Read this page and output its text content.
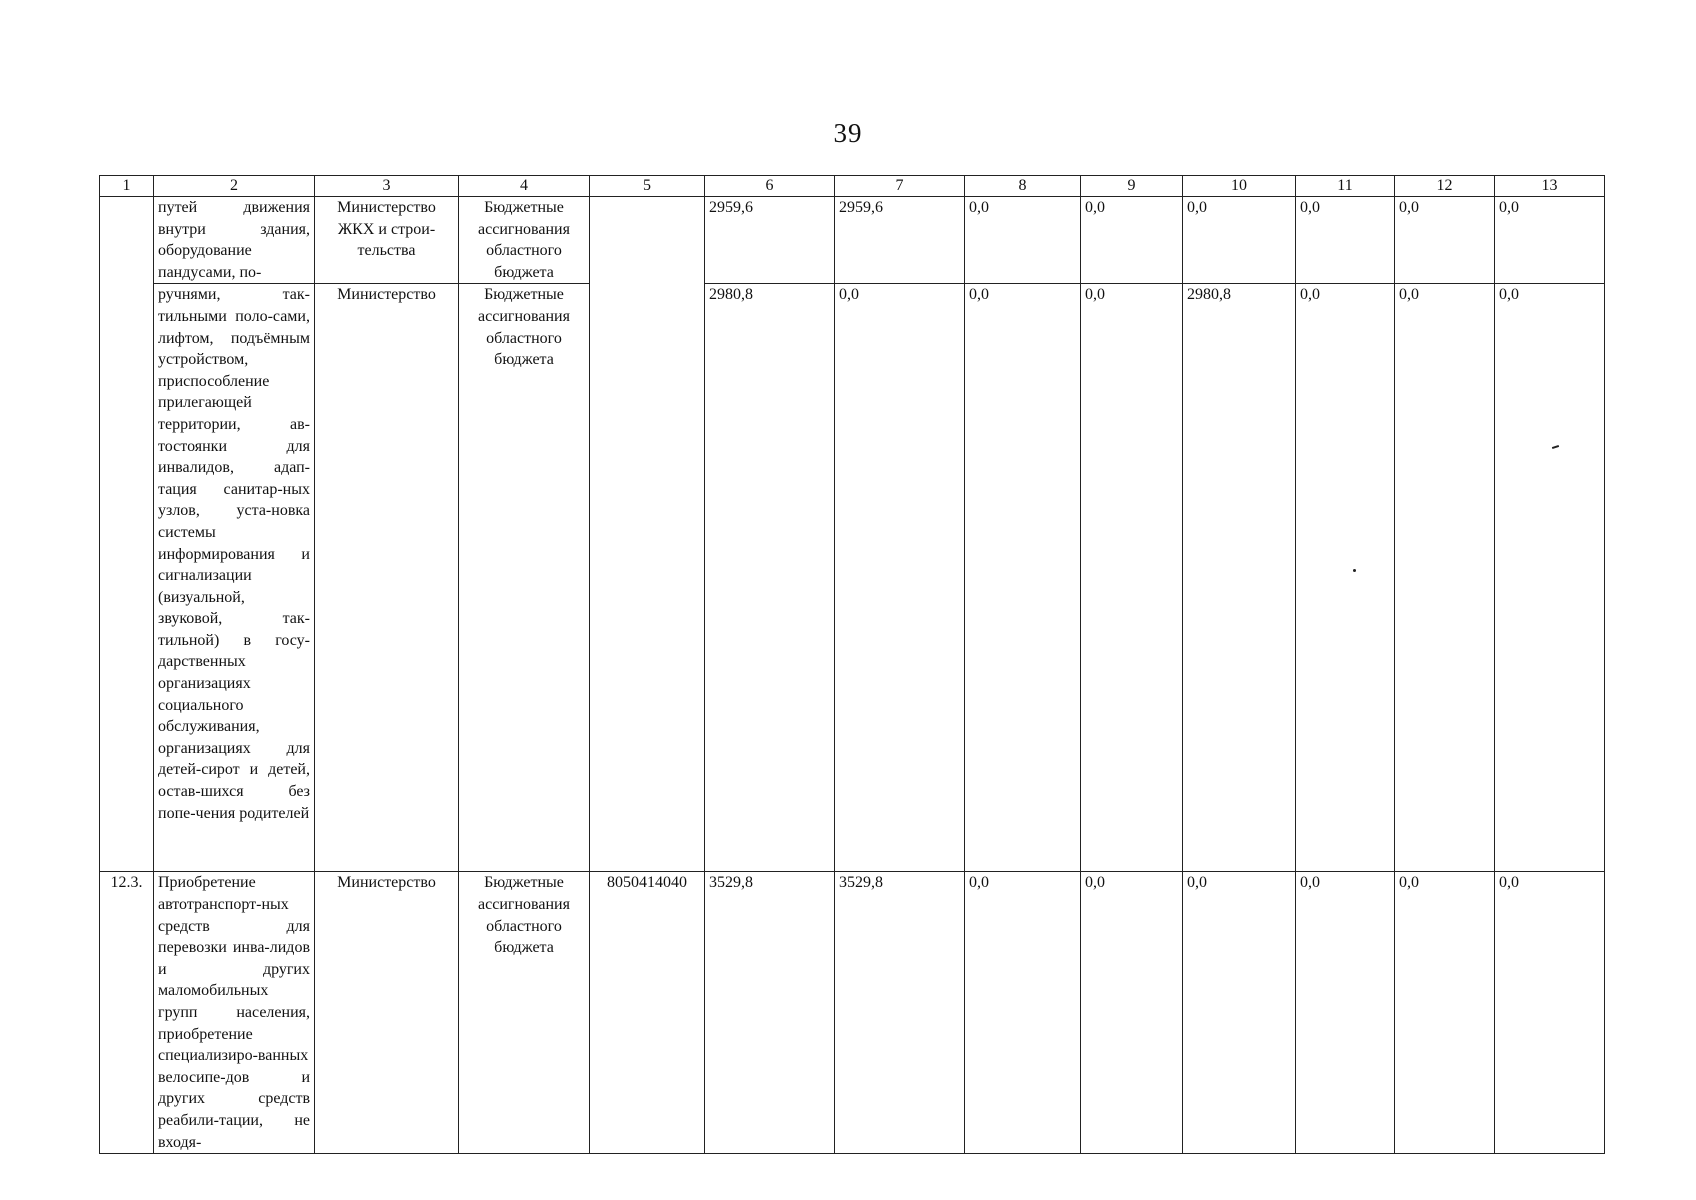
39
1	2	3	4	5	6	7	8	9	10	11	12	13
	путей движения внутри здания, оборудование пандусами, по-	Министерство ЖКХ и строи-тельства	Бюджетные ассигнования областного бюджета		2959,6	2959,6	0,0	0,0	0,0	0,0	0,0	0,0
	ручнями, так-тильными поло-сами, лифтом, подъёмным устройством, приспособление прилегающей территории, ав-тостоянки для инвалидов, адап-тация санитар-ных узлов, уста-новка системы информирования и сигнализации (визуальной, звуковой, так-тильной) в госу-дарственных организациях социального обслуживания, организациях для детей-сирот и детей, остав-шихся без попе-чения родителей	Министерство	Бюджетные ассигнования областного бюджета		2980,8	0,0	0,0	0,0	2980,8	0,0	0,0	0,0
12.3.	Приобретение автотранспорт-ных средств для перевозки инва-лидов и других маломобильных групп населения, приобретение специализиро-ванных велосипе-дов и других средств реабили-тации, не входя-	Министерство	Бюджетные ассигнования областного бюджета	8050414040	3529,8	3529,8	0,0	0,0	0,0	0,0	0,0	0,0
